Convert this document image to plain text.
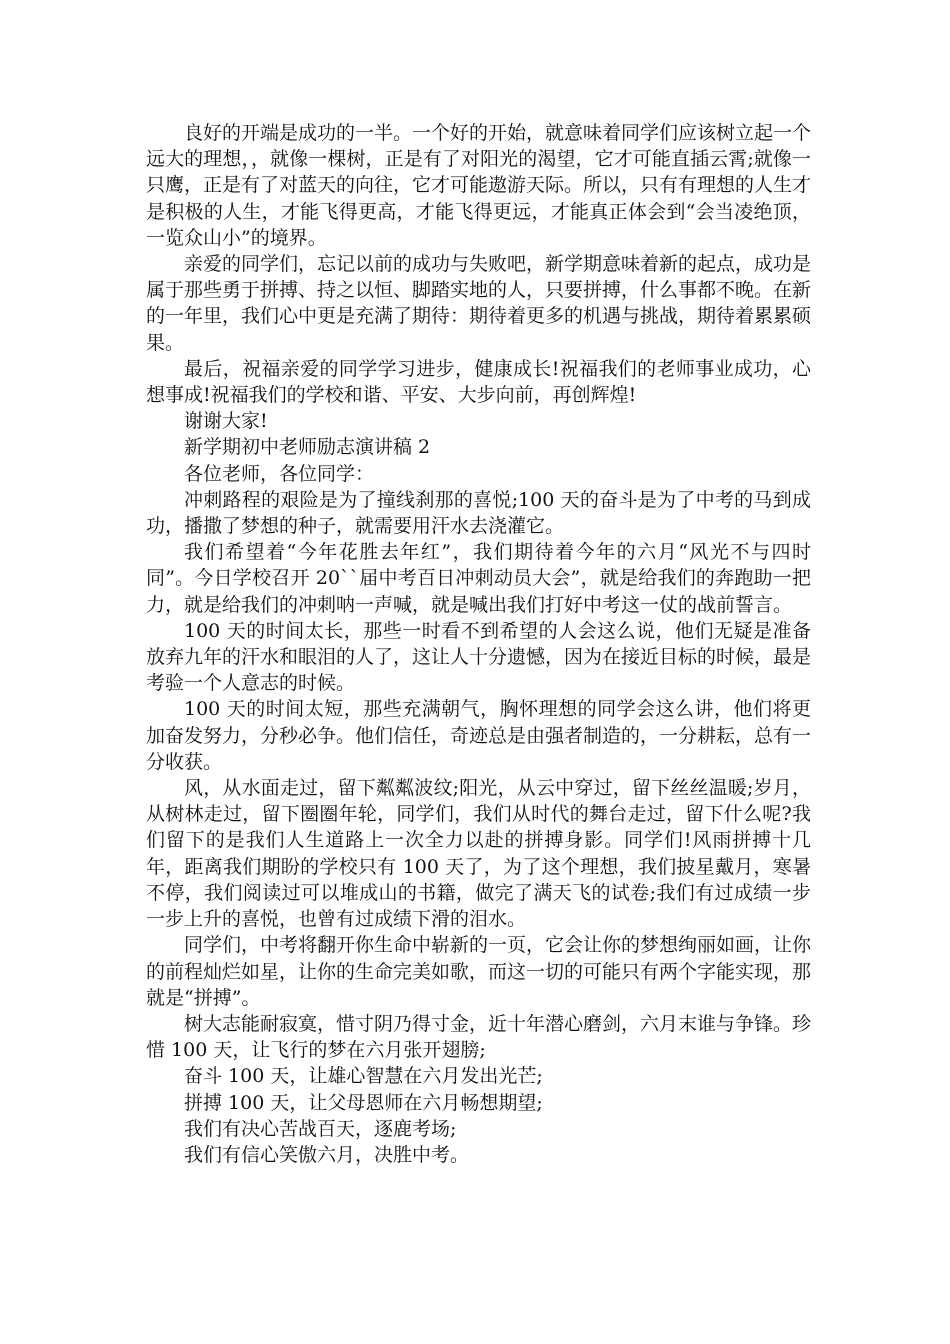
良好的开端是成功的一半。一个好的开始，就意味着同学们应该树立起一个远大的理想，，就像一棵树，正是有了对阳光的渴望，它才可能直插云霄;就像一只鹰，正是有了对蓝天的向往，它才可能遨游天际。所以，只有有理想的人生才是积极的人生，才能飞得更高，才能飞得更远，才能真正体会到“会当凌绝顶，一览众山小”的境界。

亲爱的同学们，忘记以前的成功与失败吧，新学期意味着新的起点，成功是属于那些勇于拼搏、持之以恒、脚踏实地的人，只要拼搏，什么事都不晚。在新的一年里，我们心中更是充满了期待：期待着更多的机遇与挑战，期待着累累硕果。

最后，祝福亲爱的同学学习进步，健康成长!祝福我们的老师事业成功，心想事成!祝福我们的学校和谐、平安、大步向前，再创辉煌!

谢谢大家!

新学期初中老师励志演讲稿 2

各位老师，各位同学：

冲刺路程的艰险是为了撞线刹那的喜悦;100 天的奋斗是为了中考的马到成功，播撒了梦想的种子，就需要用汗水去浇灌它。

我们希望着“今年花胜去年红”，我们期待着今年的六月“风光不与四时同”。今日学校召开 20``届中考百日冲刺动员大会”，就是给我们的奔跑助一把力，就是给我们的冲刺呐一声喊，就是喊出我们打好中考这一仗的战前誓言。

100 天的时间太长，那些一时看不到希望的人会这么说，他们无疑是准备放弃九年的汗水和眼泪的人了，这让人十分遗憾，因为在接近目标的时候，最是考验一个人意志的时候。

100 天的时间太短，那些充满朝气，胸怀理想的同学会这么讲，他们将更加奋发努力，分秒必争。他们信任，奇迹总是由强者制造的，一分耕耘，总有一分收获。

风，从水面走过，留下粼粼波纹;阳光，从云中穿过，留下丝丝温暖;岁月，从树林走过，留下圈圈年轮，同学们，我们从时代的舞台走过，留下什么呢?我们留下的是我们人生道路上一次全力以赴的拼搏身影。同学们!风雨拼搏十几年，距离我们期盼的学校只有 100 天了，为了这个理想，我们披星戴月，寒暑不停，我们阅读过可以堆成山的书籍，做完了满天飞的试卷;我们有过成绩一步一步上升的喜悦，也曾有过成绩下滑的泪水。

同学们，中考将翻开你生命中崭新的一页，它会让你的梦想绚丽如画，让你的前程灿烂如星，让你的生命完美如歌，而这一切的可能只有两个字能实现，那就是“拼搏”。

树大志能耐寂寞，惜寸阴乃得寸金，近十年潜心磨剑，六月末谁与争锋。珍惜 100 天，让飞行的梦在六月张开翅膀;

奋斗 100 天，让雄心智慧在六月发出光芒;

拼搏 100 天，让父母恩师在六月畅想期望;

我们有决心苦战百天，逐鹿考场;

我们有信心笑傲六月，决胜中考。
